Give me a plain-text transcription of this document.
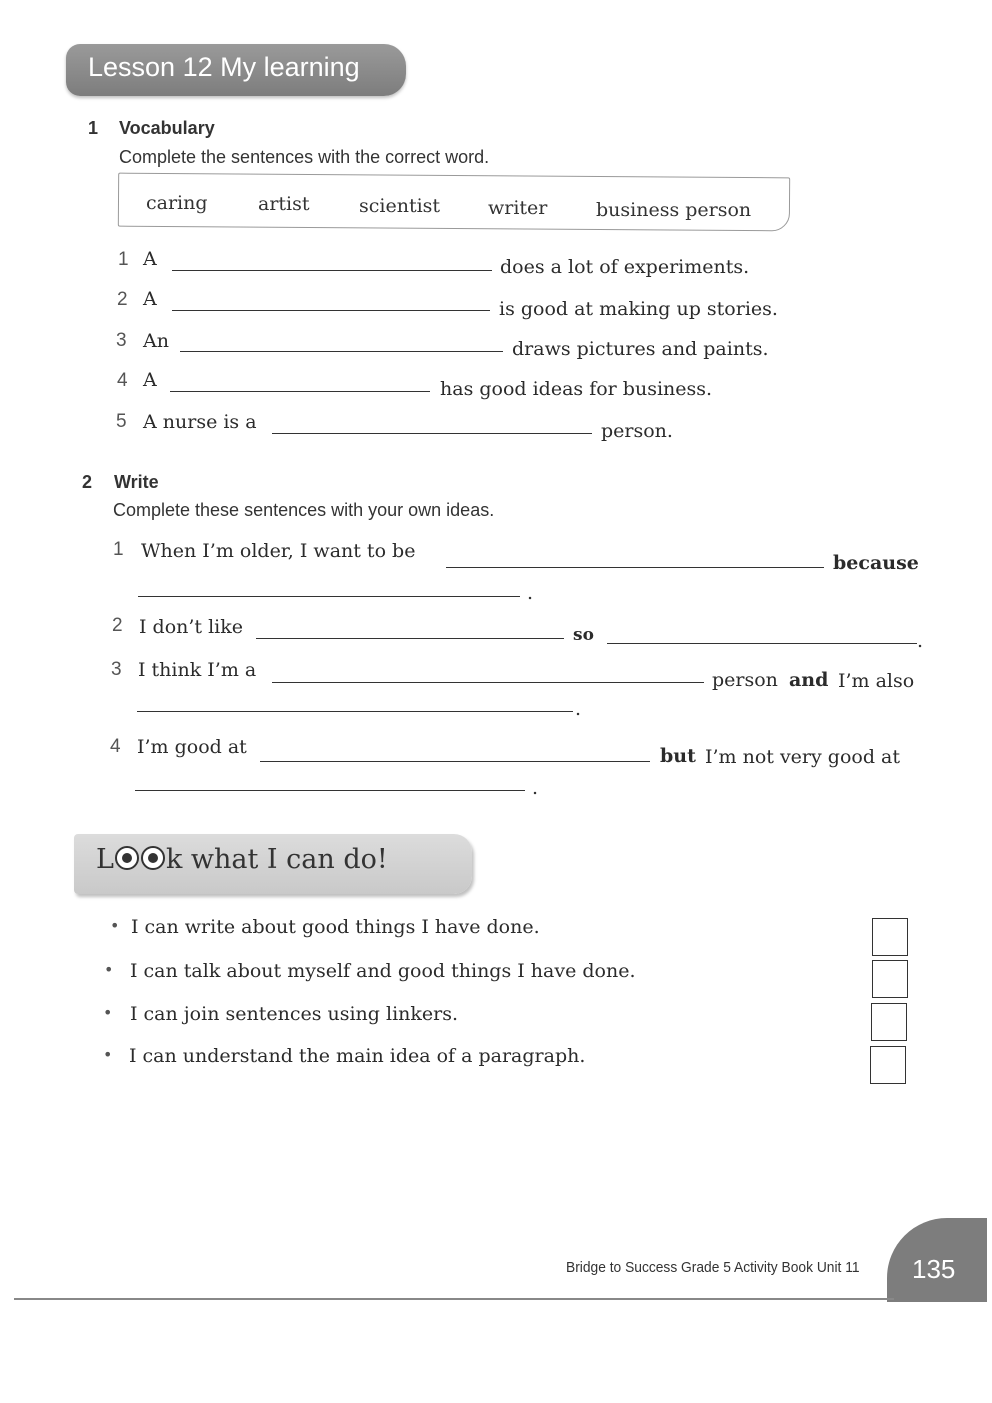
Lesson 12 My learning
1 Vocabulary
Complete the sentences with the correct word.
caring	artist	scientist	writer	business person
1 A	does a lot of experiments.
2 A	is good at making up stories.
3 An	draws pictures and paints.
4 A	has good ideas for business.
5 A nurse is a	person.
2 Write
Complete these sentences with your own ideas.
1 When I’m older, I want to be
because
.
2 I don’t like	so	.
3 I think I’m a	person and I’m also
.
4 I’m good at	but I’m not very good at
.
L k what I can do!
• I can write about good things I have done.
• I can talk about myself and good things I have done.
• I can join sentences using linkers.
• I can understand the main idea of a paragraph.
Bridge to Success Grade 5 Activity Book Unit 11 135
